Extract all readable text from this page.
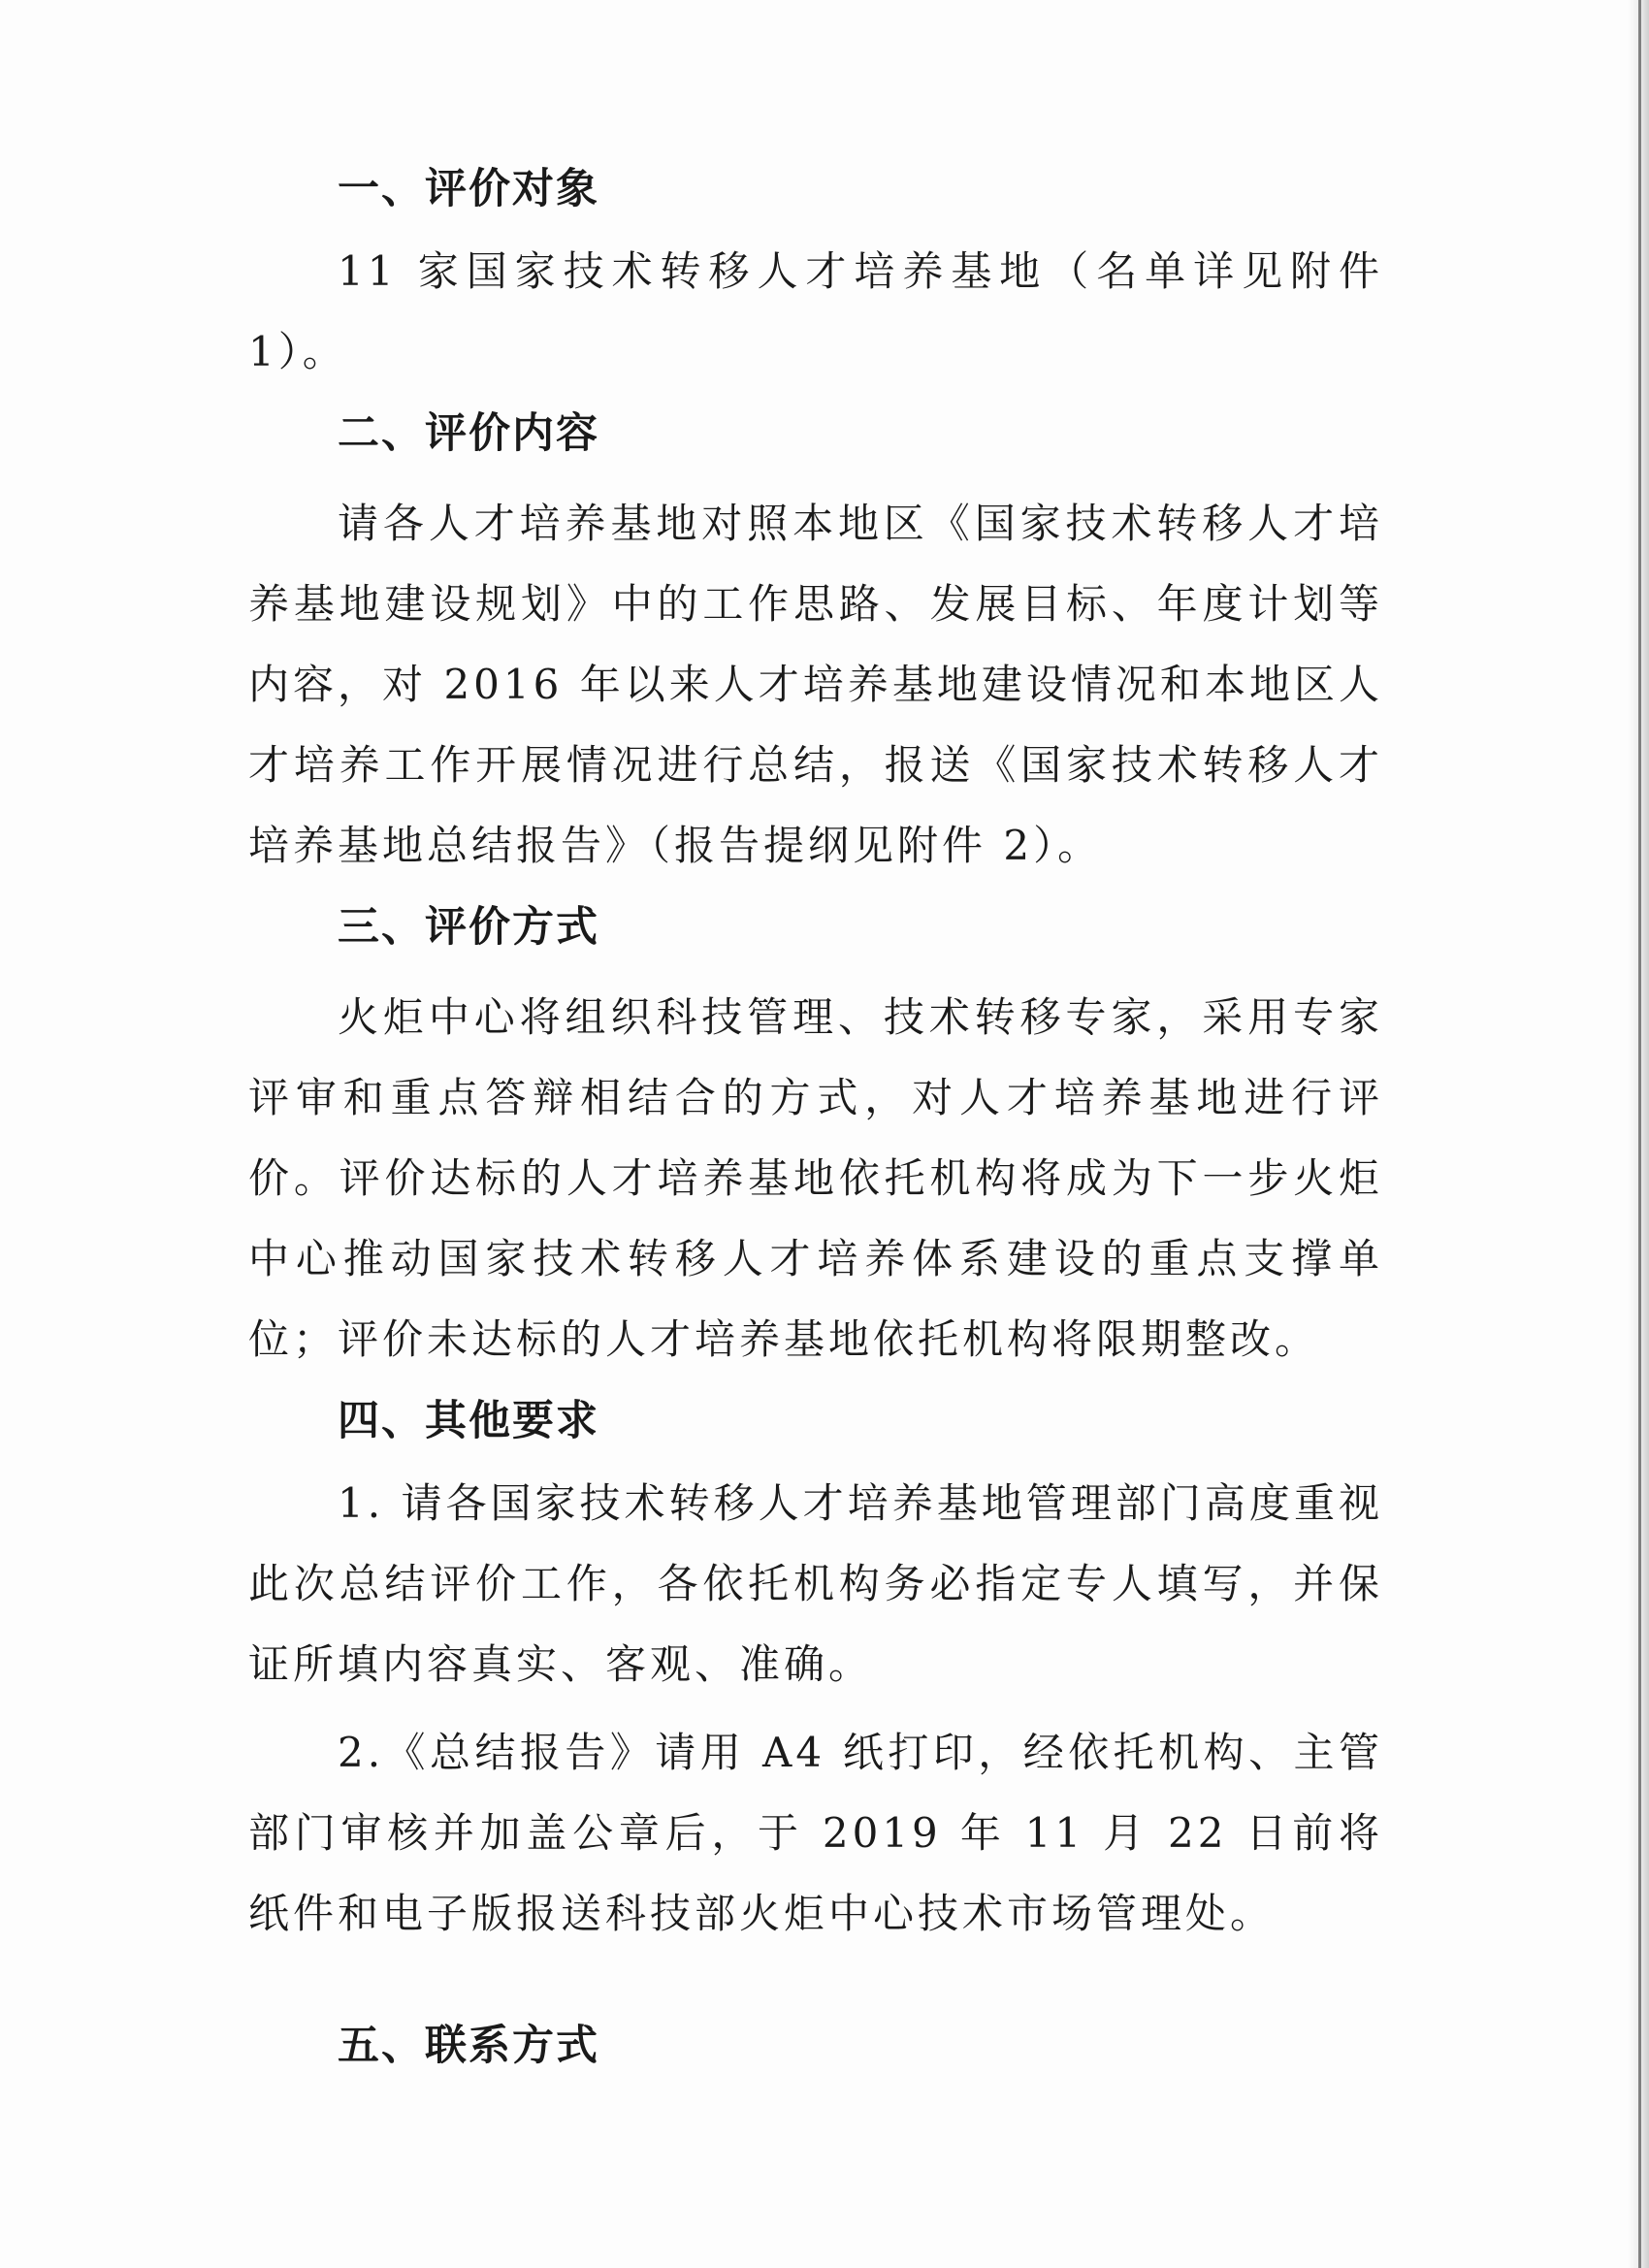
一、评价对象

11 家国家技术转移人才培养基地（名单详见附件 1）。

二、评价内容

请各人才培养基地对照本地区《国家技术转移人才培养基地建设规划》中的工作思路、发展目标、年度计划等内容，对 2016 年以来人才培养基地建设情况和本地区人才培养工作开展情况进行总结，报送《国家技术转移人才培养基地总结报告》（报告提纲见附件 2）。

三、评价方式

火炬中心将组织科技管理、技术转移专家，采用专家评审和重点答辩相结合的方式，对人才培养基地进行评价。评价达标的人才培养基地依托机构将成为下一步火炬中心推动国家技术转移人才培养体系建设的重点支撑单位；评价未达标的人才培养基地依托机构将限期整改。

四、其他要求

1. 请各国家技术转移人才培养基地管理部门高度重视此次总结评价工作，各依托机构务必指定专人填写，并保证所填内容真实、客观、准确。

2.《总结报告》请用 A4 纸打印，经依托机构、主管部门审核并加盖公章后，于 2019 年 11 月 22 日前将纸件和电子版报送科技部火炬中心技术市场管理处。

五、联系方式
